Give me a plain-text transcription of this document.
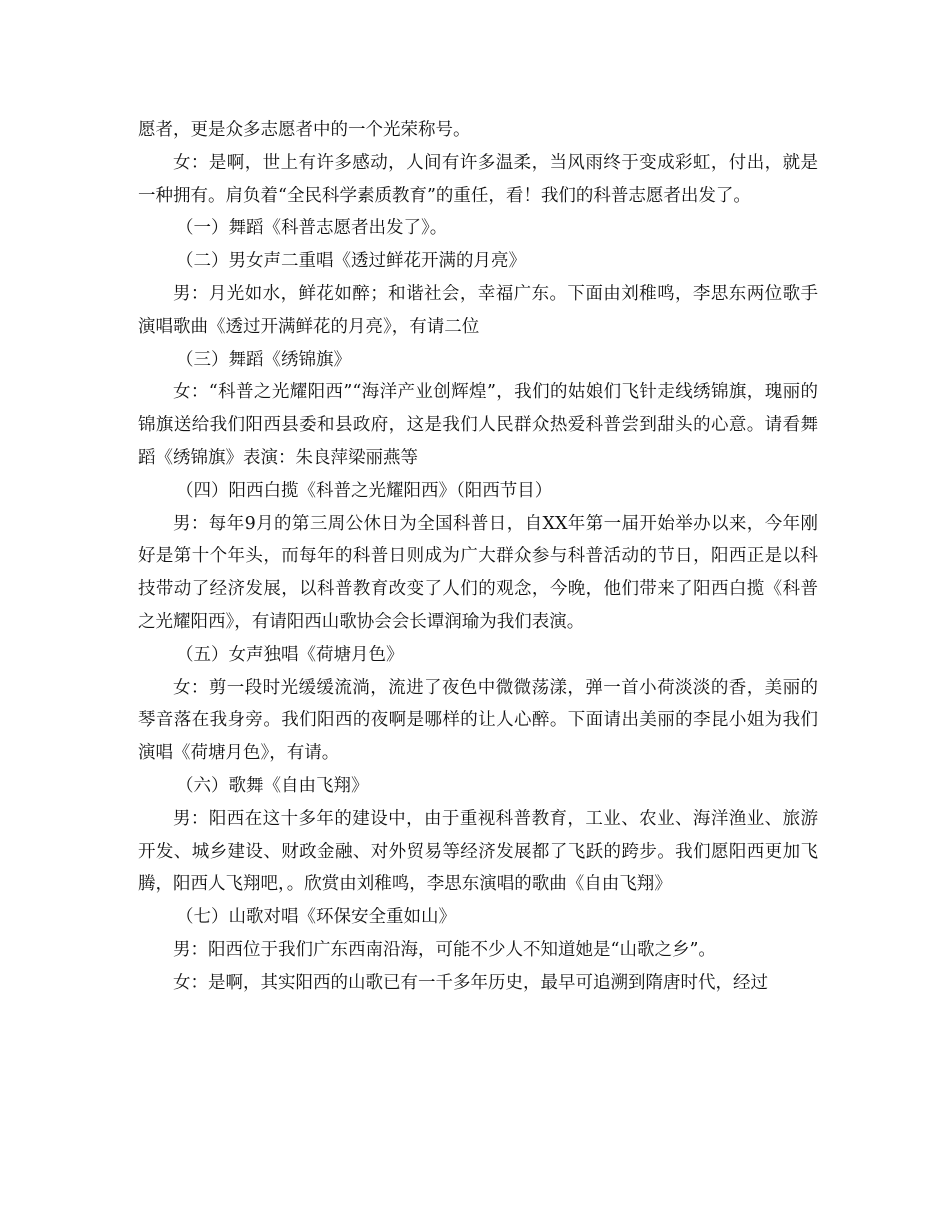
愿者，更是众多志愿者中的一个光荣称号。

女：是啊，世上有许多感动，人间有许多温柔，当风雨终于变成彩虹，付出，就是一种拥有。肩负着“全民科学素质教育”的重任，看！我们的科普志愿者出发了。

（一）舞蹈《科普志愿者出发了》。

（二）男女声二重唱《透过鲜花开满的月亮》

男：月光如水，鲜花如醉；和谐社会，幸福广东。下面由刘稚鸣，李思东两位歌手演唱歌曲《透过开满鲜花的月亮》，有请二位

（三）舞蹈《绣锦旗》

女：“科普之光耀阳西”“海洋产业创辉煌”，我们的姑娘们飞针走线绣锦旗，瑰丽的锦旗送给我们阳西县委和县政府，这是我们人民群众热爱科普尝到甜头的心意。请看舞蹈《绣锦旗》表演：朱良萍梁丽燕等

（四）阳西白揽《科普之光耀阳西》（阳西节目）

男：每年9月的第三周公休日为全国科普日，自XX年第一届开始举办以来，今年刚好是第十个年头，而每年的科普日则成为广大群众参与科普活动的节日，阳西正是以科技带动了经济发展，以科普教育改变了人们的观念，今晚，他们带来了阳西白揽《科普之光耀阳西》，有请阳西山歌协会会长谭润瑜为我们表演。

（五）女声独唱《荷塘月色》

女：剪一段时光缓缓流淌，流进了夜色中微微荡漾，弹一首小荷淡淡的香，美丽的琴音落在我身旁。我们阳西的夜啊是哪样的让人心醉。下面请出美丽的李昆小姐为我们演唱《荷塘月色》，有请。

（六）歌舞《自由飞翔》

男：阳西在这十多年的建设中，由于重视科普教育，工业、农业、海洋渔业、旅游开发、城乡建设、财政金融、对外贸易等经济发展都了飞跃的跨步。我们愿阳西更加飞腾，阳西人飞翔吧，。欣赏由刘稚鸣，李思东演唱的歌曲《自由飞翔》

（七）山歌对唱《环保安全重如山》

男：阳西位于我们广东西南沿海，可能不少人不知道她是“山歌之乡”。

女：是啊，其实阳西的山歌已有一千多年历史，最早可追溯到隋唐时代，经过
